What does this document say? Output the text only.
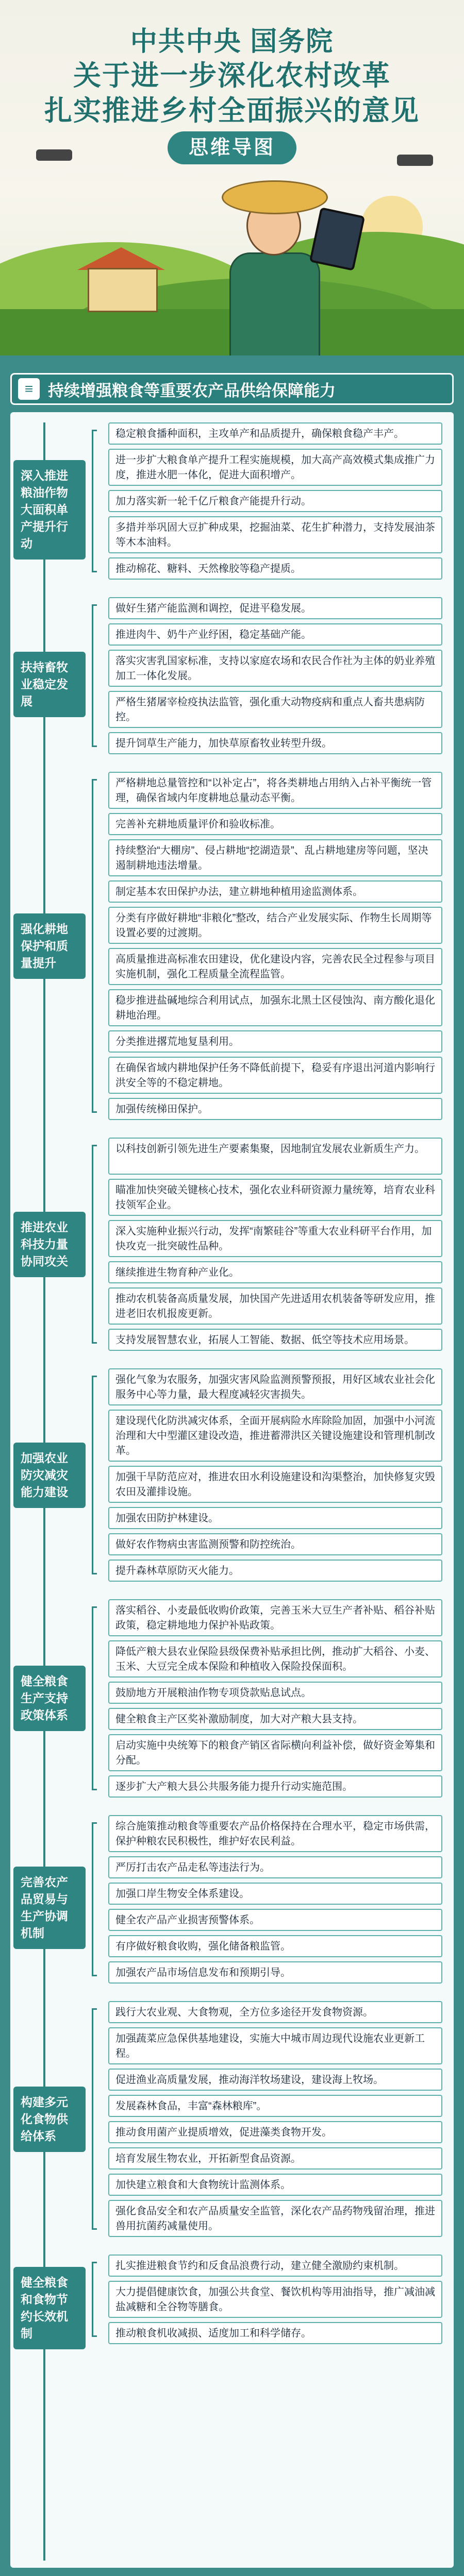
中共中央 国务院
关于进一步深化农村改革
扎实推进乡村全面振兴的意见
思维导图
≡ 持续增强粮食等重要农产品供给保障能力
稳定粮食播种面积，主攻单产和品质提升，确保粮食稳产丰产。
进一步扩大粮食单产提升工程实施规模，加大高产高效模式集成推广力度，推进水肥一体化，促进大面积增产。
加力落实新一轮千亿斤粮食产能提升行动。
多措并举巩固大豆扩种成果，挖掘油菜、花生扩种潜力，支持发展油茶等木本油料。
推动棉花、糖料、天然橡胶等稳产提质。
深入推进粮油作物大面积单产提升行动
做好生猪产能监测和调控，促进平稳发展。
推进肉牛、奶牛产业纾困，稳定基础产能。
落实灾害乳国家标准，支持以家庭农场和农民合作社为主体的奶业养殖加工一体化发展。
严格生猪屠宰检疫执法监管，强化重大动物疫病和重点人畜共患病防控。
提升饲草生产能力，加快草原畜牧业转型升级。
扶持畜牧业稳定发展
严格耕地总量管控和“以补定占”，将各类耕地占用纳入占补平衡统一管理，确保省域内年度耕地总量动态平衡。
完善补充耕地质量评价和验收标准。
持续整治“大棚房”、侵占耕地“挖湖造景”、乱占耕地建房等问题，坚决遏制耕地违法增量。
制定基本农田保护办法，建立耕地种植用途监测体系。
分类有序做好耕地“非粮化”整改，结合产业发展实际、作物生长周期等设置必要的过渡期。
高质量推进高标准农田建设，优化建设内容，完善农民全过程参与项目实施机制，强化工程质量全流程监管。
稳步推进盐碱地综合利用试点，加强东北黑土区侵蚀沟、南方酸化退化耕地治理。
分类推进撂荒地复垦利用。
在确保省域内耕地保护任务不降低前提下，稳妥有序退出河道内影响行洪安全等的不稳定耕地。
加强传统梯田保护。
强化耕地保护和质量提升
以科技创新引领先进生产要素集聚，因地制宜发展农业新质生产力。
瞄准加快突破关键核心技术，强化农业科研资源力量统筹，培育农业科技领军企业。
深入实施种业振兴行动，发挥“南繁硅谷”等重大农业科研平台作用，加快攻克一批突破性品种。
继续推进生物育种产业化。
推动农机装备高质量发展，加快国产先进适用农机装备等研发应用，推进老旧农机报废更新。
支持发展智慧农业，拓展人工智能、数据、低空等技术应用场景。
推进农业科技力量协同攻关
强化气象为农服务，加强灾害风险监测预警预报，用好区域农业社会化服务中心等力量，最大程度减轻灾害损失。
建设现代化防洪减灾体系，全面开展病险水库除险加固，加强中小河流治理和大中型灌区建设改造，推进蓄滞洪区关键设施建设和管理机制改革。
加强干旱防范应对，推进农田水利设施建设和沟渠整治，加快修复灾毁农田及灌排设施。
加强农田防护林建设。
做好农作物病虫害监测预警和防控统治。
提升森林草原防灭火能力。
加强农业防灾减灾能力建设
落实稻谷、小麦最低收购价政策，完善玉米大豆生产者补贴、稻谷补贴政策，稳定耕地地力保护补贴政策。
降低产粮大县农业保险县级保费补贴承担比例，推动扩大稻谷、小麦、玉米、大豆完全成本保险和种植收入保险投保面积。
鼓励地方开展粮油作物专项贷款贴息试点。
健全粮食主产区奖补激励制度，加大对产粮大县支持。
启动实施中央统筹下的粮食产销区省际横向利益补偿，做好资金筹集和分配。
逐步扩大产粮大县公共服务能力提升行动实施范围。
健全粮食生产支持政策体系
综合施策推动粮食等重要农产品价格保持在合理水平，稳定市场供需，保护种粮农民积极性，维护好农民利益。
严厉打击农产品走私等违法行为。
加强口岸生物安全体系建设。
健全农产品产业损害预警体系。
有序做好粮食收购，强化储备粮监管。
加强农产品市场信息发布和预期引导。
完善农产品贸易与生产协调机制
践行大农业观、大食物观，全方位多途径开发食物资源。
加强蔬菜应急保供基地建设，实施大中城市周边现代设施农业更新工程。
促进渔业高质量发展，推动海洋牧场建设，建设海上牧场。
发展森林食品，丰富“森林粮库”。
推动食用菌产业提质增效，促进藻类食物开发。
培育发展生物农业，开拓新型食品资源。
加快建立粮食和大食物统计监测体系。
强化食品安全和农产品质量安全监管，深化农产品药物残留治理，推进兽用抗菌药减量使用。
构建多元化食物供给体系
扎实推进粮食节约和反食品浪费行动，建立健全激励约束机制。
大力提倡健康饮食，加强公共食堂、餐饮机构等用油指导，推广减油减盐减糖和全谷物等膳食。
推动粮食机收减损、适度加工和科学储存。
健全粮食和食物节约长效机制
